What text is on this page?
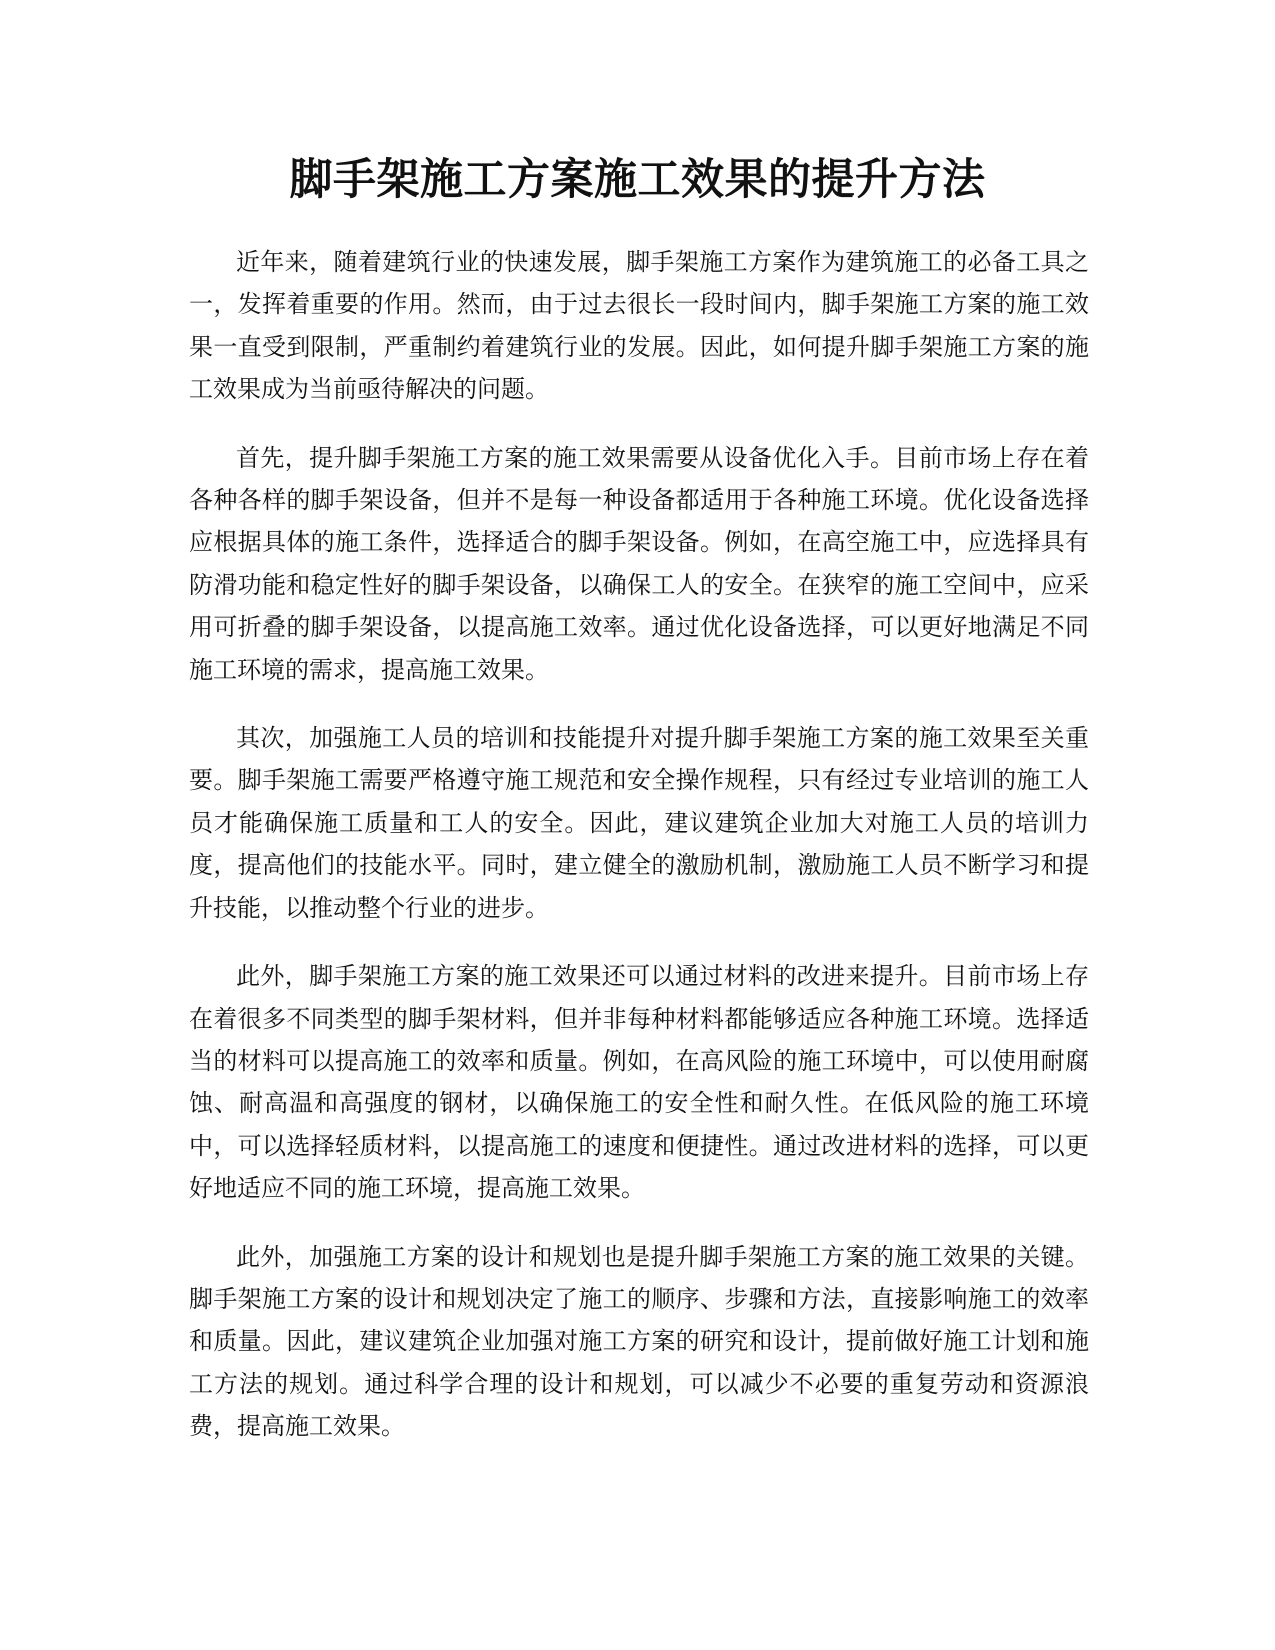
脚手架施工方案施工效果的提升方法

近年来，随着建筑行业的快速发展，脚手架施工方案作为建筑施工的必备工具之一，发挥着重要的作用。然而，由于过去很长一段时间内，脚手架施工方案的施工效果一直受到限制，严重制约着建筑行业的发展。因此，如何提升脚手架施工方案的施工效果成为当前亟待解决的问题。

首先，提升脚手架施工方案的施工效果需要从设备优化入手。目前市场上存在着各种各样的脚手架设备，但并不是每一种设备都适用于各种施工环境。优化设备选择应根据具体的施工条件，选择适合的脚手架设备。例如，在高空施工中，应选择具有防滑功能和稳定性好的脚手架设备，以确保工人的安全。在狭窄的施工空间中，应采用可折叠的脚手架设备，以提高施工效率。通过优化设备选择，可以更好地满足不同施工环境的需求，提高施工效果。

其次，加强施工人员的培训和技能提升对提升脚手架施工方案的施工效果至关重要。脚手架施工需要严格遵守施工规范和安全操作规程，只有经过专业培训的施工人员才能确保施工质量和工人的安全。因此，建议建筑企业加大对施工人员的培训力度，提高他们的技能水平。同时，建立健全的激励机制，激励施工人员不断学习和提升技能，以推动整个行业的进步。

此外，脚手架施工方案的施工效果还可以通过材料的改进来提升。目前市场上存在着很多不同类型的脚手架材料，但并非每种材料都能够适应各种施工环境。选择适当的材料可以提高施工的效率和质量。例如，在高风险的施工环境中，可以使用耐腐蚀、耐高温和高强度的钢材，以确保施工的安全性和耐久性。在低风险的施工环境中，可以选择轻质材料，以提高施工的速度和便捷性。通过改进材料的选择，可以更好地适应不同的施工环境，提高施工效果。

此外，加强施工方案的设计和规划也是提升脚手架施工方案的施工效果的关键。脚手架施工方案的设计和规划决定了施工的顺序、步骤和方法，直接影响施工的效率和质量。因此，建议建筑企业加强对施工方案的研究和设计，提前做好施工计划和施工方法的规划。通过科学合理的设计和规划，可以减少不必要的重复劳动和资源浪费，提高施工效果。
